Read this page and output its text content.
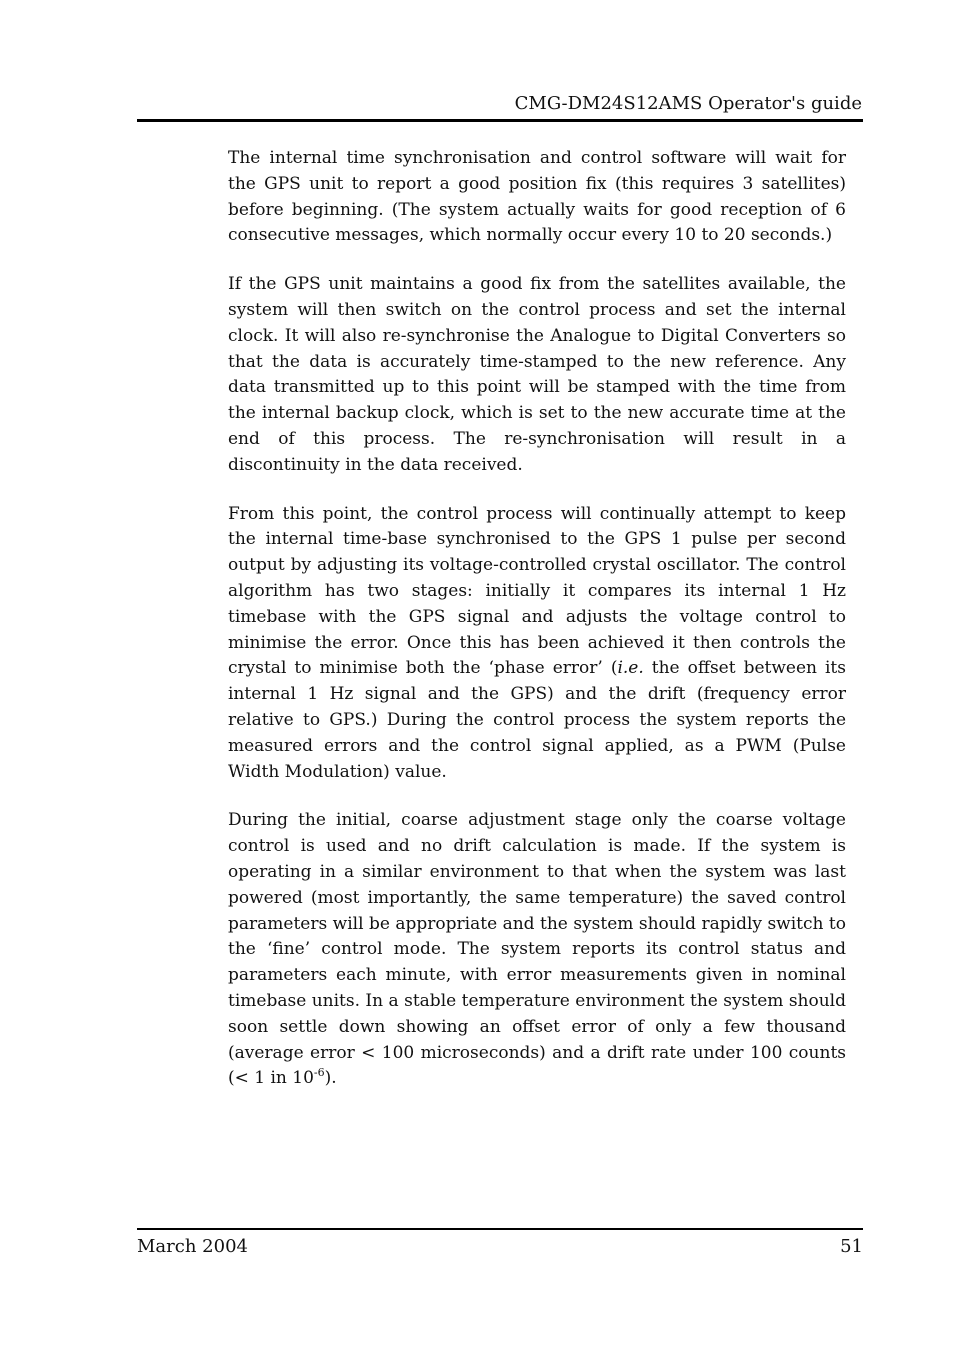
CMG-DM24S12AMS Operator's guide

The internal time synchronisation and control software will wait for the GPS unit to report a good position fix (this requires 3 satellites) before beginning. (The system actually waits for good reception of 6 consecutive messages, which normally occur every 10 to 20 seconds.)

If the GPS unit maintains a good fix from the satellites available, the system will then switch on the control process and set the internal clock. It will also re-synchronise the Analogue to Digital Converters so that the data is accurately time-stamped to the new reference. Any data transmitted up to this point will be stamped with the time from the internal backup clock, which is set to the new accurate time at the end of this process. The re-synchronisation will result in a discontinuity in the data received.

From this point, the control process will continually attempt to keep the internal time-base synchronised to the GPS 1 pulse per second output by adjusting its voltage-controlled crystal oscillator. The control algorithm has two stages: initially it compares its internal 1 Hz timebase with the GPS signal and adjusts the voltage control to minimise the error. Once this has been achieved it then controls the crystal to minimise both the ‘phase error’ (i.e. the offset between its internal 1 Hz signal and the GPS) and the drift (frequency error relative to GPS.) During the control process the system reports the measured errors and the control signal applied, as a PWM (Pulse Width Modulation) value.

During the initial, coarse adjustment stage only the coarse voltage control is used and no drift calculation is made. If the system is operating in a similar environment to that when the system was last powered (most importantly, the same temperature) the saved control parameters will be appropriate and the system should rapidly switch to the ‘fine’ control mode. The system reports its control status and parameters each minute, with error measurements given in nominal timebase units. In a stable temperature environment the system should soon settle down showing an offset error of only a few thousand (average error < 100 microseconds) and a drift rate under 100 counts (< 1 in $10^{-6}$).

March 2004	51
